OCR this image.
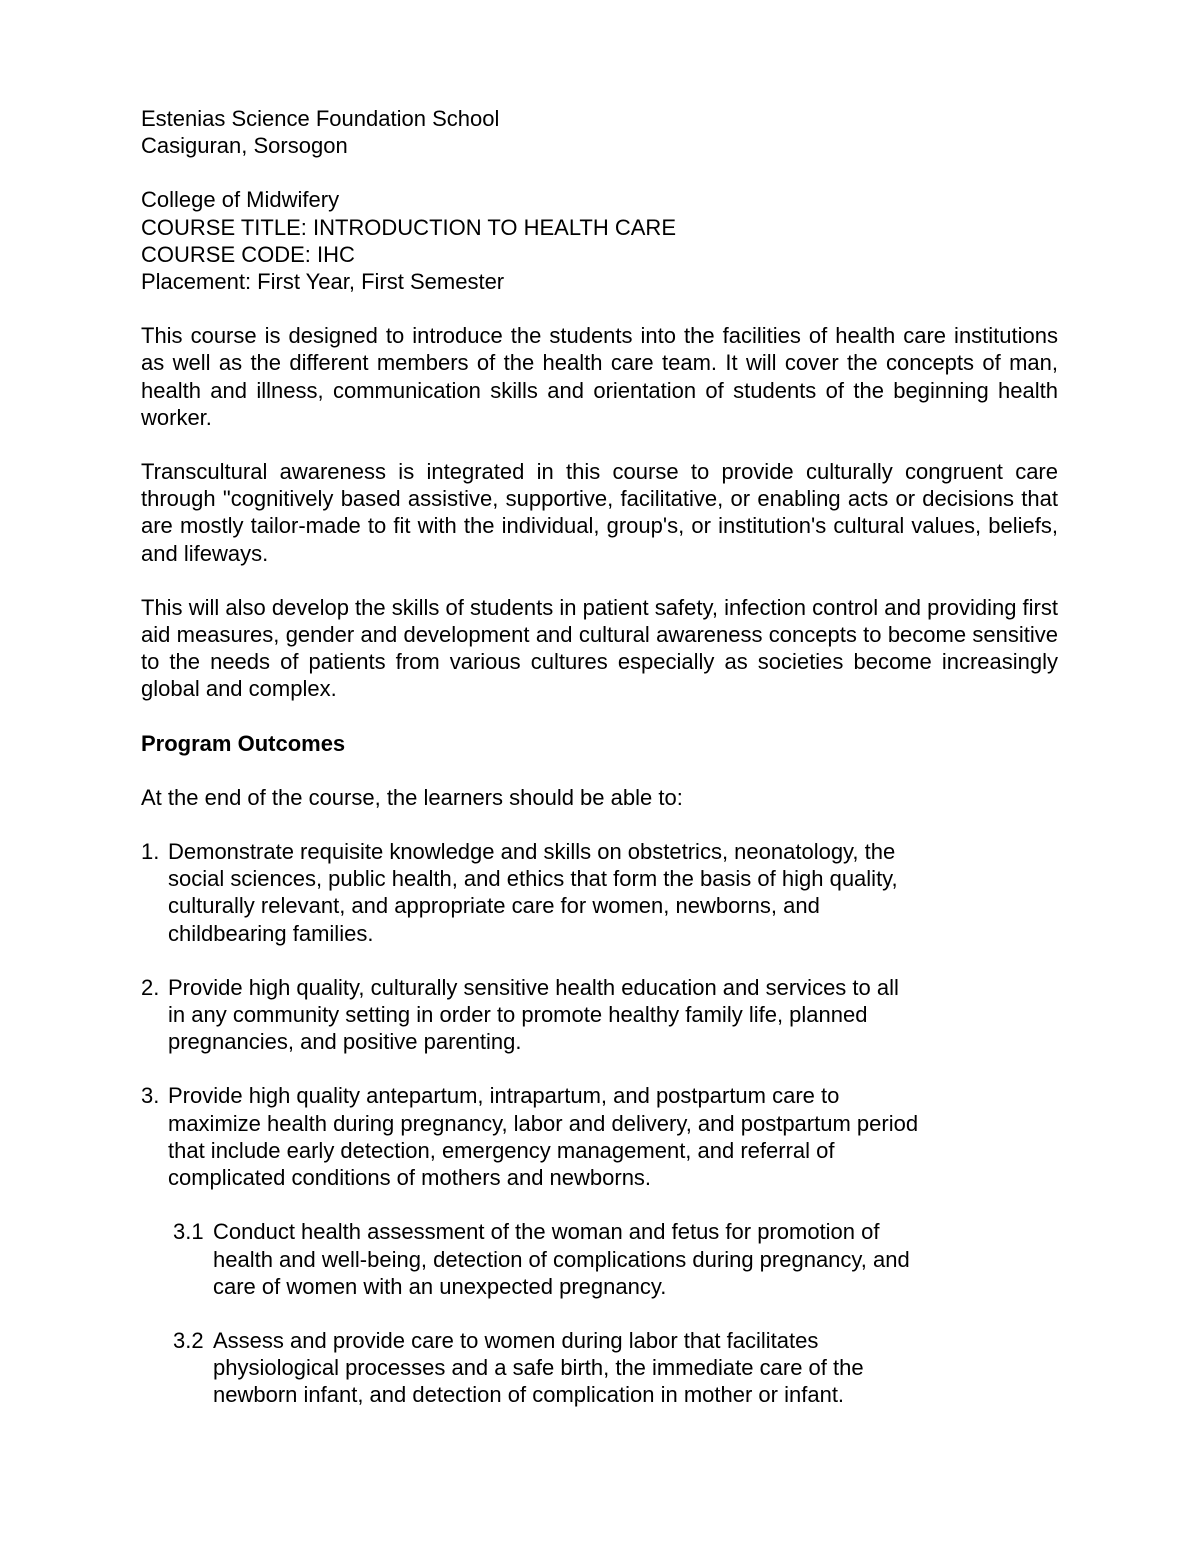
Estenias Science Foundation School

Casiguran, Sorsogon

College of Midwifery

COURSE TITLE: INTRODUCTION TO HEALTH CARE

COURSE CODE: IHC

Placement: First Year, First Semester

This course is designed to introduce the students into the facilities of health care institutions as well as the different members of the health care team. It will cover the concepts of man, health and illness, communication skills and orientation of students of the beginning health worker.

Transcultural awareness is integrated in this course to provide culturally congruent care through "cognitively based assistive, supportive, facilitative, or enabling acts or decisions that are mostly tailor-made to fit with the individual, group's, or institution's cultural values, beliefs, and lifeways.

This will also develop the skills of students in patient safety, infection control and providing first aid measures, gender and development and cultural awareness concepts to become sensitive to the needs of patients from various cultures especially as societies become increasingly global and complex.

Program Outcomes

At the end of the course, the learners should be able to:

1. Demonstrate requisite knowledge and skills on obstetrics, neonatology, the
social sciences, public health, and ethics that form the basis of high quality,
culturally relevant, and appropriate care for women, newborns, and
childbearing families.
2. Provide high quality, culturally sensitive health education and services to all
in any community setting in order to promote healthy family life, planned
pregnancies, and positive parenting.
3. Provide high quality antepartum, intrapartum, and postpartum care to
maximize health during pregnancy, labor and delivery, and postpartum period
that include early detection, emergency management, and referral of
complicated conditions of mothers and newborns.
3.1 Conduct health assessment of the woman and fetus for promotion of
health and well-being, detection of complications during pregnancy, and
care of women with an unexpected pregnancy.
3.2 Assess and provide care to women during labor that facilitates
physiological processes and a safe birth, the immediate care of the
newborn infant, and detection of complication in mother or infant.
